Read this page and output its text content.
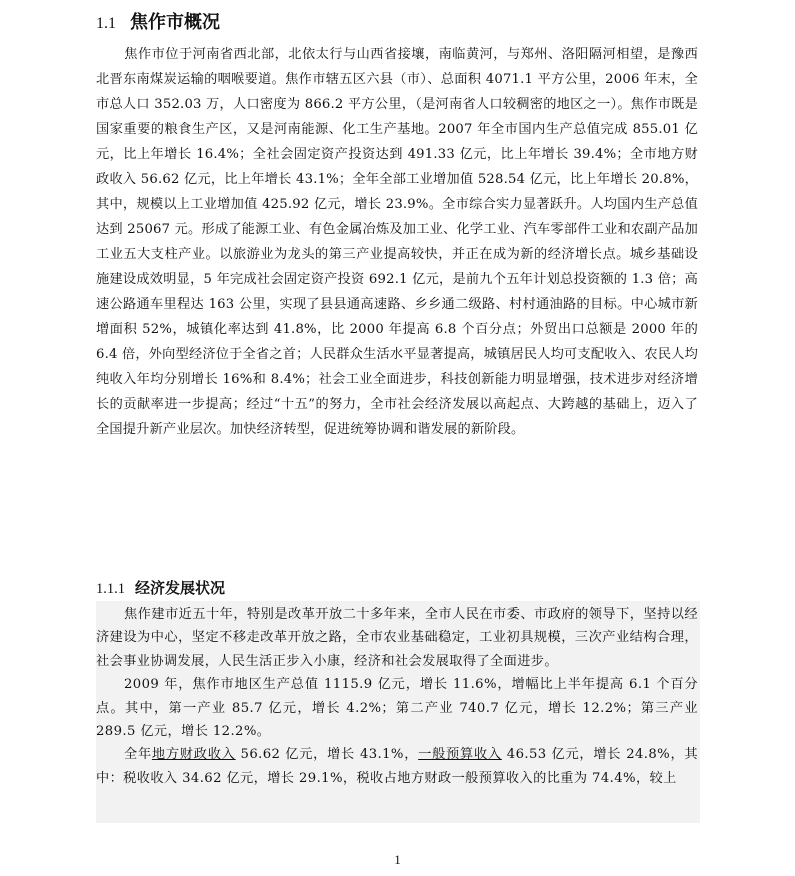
1.1 焦作市概况
焦作市位于河南省西北部，北依太行与山西省接壤，南临黄河，与郑州、洛阳隔河相望，是豫西北晋东南煤炭运输的咽喉要道。焦作市辖五区六县（市）、总面积 4071.1 平方公里，2006 年末，全市总人口 352.03 万，人口密度为 866.2 平方公里，（是河南省人口较稠密的地区之一）。焦作市既是国家重要的粮食生产区，又是河南能源、化工生产基地。2007 年全市国内生产总值完成 855.01 亿元，比上年增长 16.4%；全社会固定资产投资达到 491.33 亿元，比上年增长 39.4%；全市地方财政收入 56.62 亿元，比上年增长 43.1%；全年全部工业增加值 528.54 亿元，比上年增长 20.8%，其中，规模以上工业增加值 425.92 亿元，增长 23.9%。全市综合实力显著跃升。人均国内生产总值达到 25067 元。形成了能源工业、有色金属冶炼及加工业、化学工业、汽车零部件工业和农副产品加工业五大支柱产业。以旅游业为龙头的第三产业提高较快，并正在成为新的经济增长点。城乡基础设施建设成效明显，5 年完成社会固定资产投资 692.1 亿元，是前九个五年计划总投资额的 1.3 倍；高速公路通车里程达 163 公里，实现了县县通高速路、乡乡通二级路、村村通油路的目标。中心城市新增面积 52%，城镇化率达到 41.8%，比 2000 年提高 6.8 个百分点；外贸出口总额是 2000 年的 6.4 倍，外向型经济位于全省之首；人民群众生活水平显著提高，城镇居民人均可支配收入、农民人均纯收入年均分别增长 16%和 8.4%；社会工业全面进步，科技创新能力明显增强，技术进步对经济增长的贡献率进一步提高；经过“十五”的努力，全市社会经济发展以高起点、大跨越的基础上，迈入了全国提升新产业层次。加快经济转型，促进统筹协调和谐发展的新阶段。
1.1.1 经济发展状况

焦作建市近五十年，特别是改革开放二十多年来，全市人民在市委、市政府的领导下，坚持以经济建设为中心，坚定不移走改革开放之路，全市农业基础稳定，工业初具规模，三次产业结构合理，社会事业协调发展，人民生活正步入小康，经济和社会发展取得了全面进步。

2009 年，焦作市地区生产总值 1115.9 亿元，增长 11.6%，增幅比上半年提高 6.1 个百分点。其中，第一产业 85.7 亿元，增长 4.2%；第二产业 740.7 亿元，增长 12.2%；第三产业 289.5 亿元，增长 12.2%。

全年地方财政收入 56.62 亿元，增长 43.1%，一般预算收入 46.53 亿元，增长 24.8%，其中：税收收入 34.62 亿元，增长 29.1%，税收占地方财政一般预算收入的比重为 74.4%，较上

1
